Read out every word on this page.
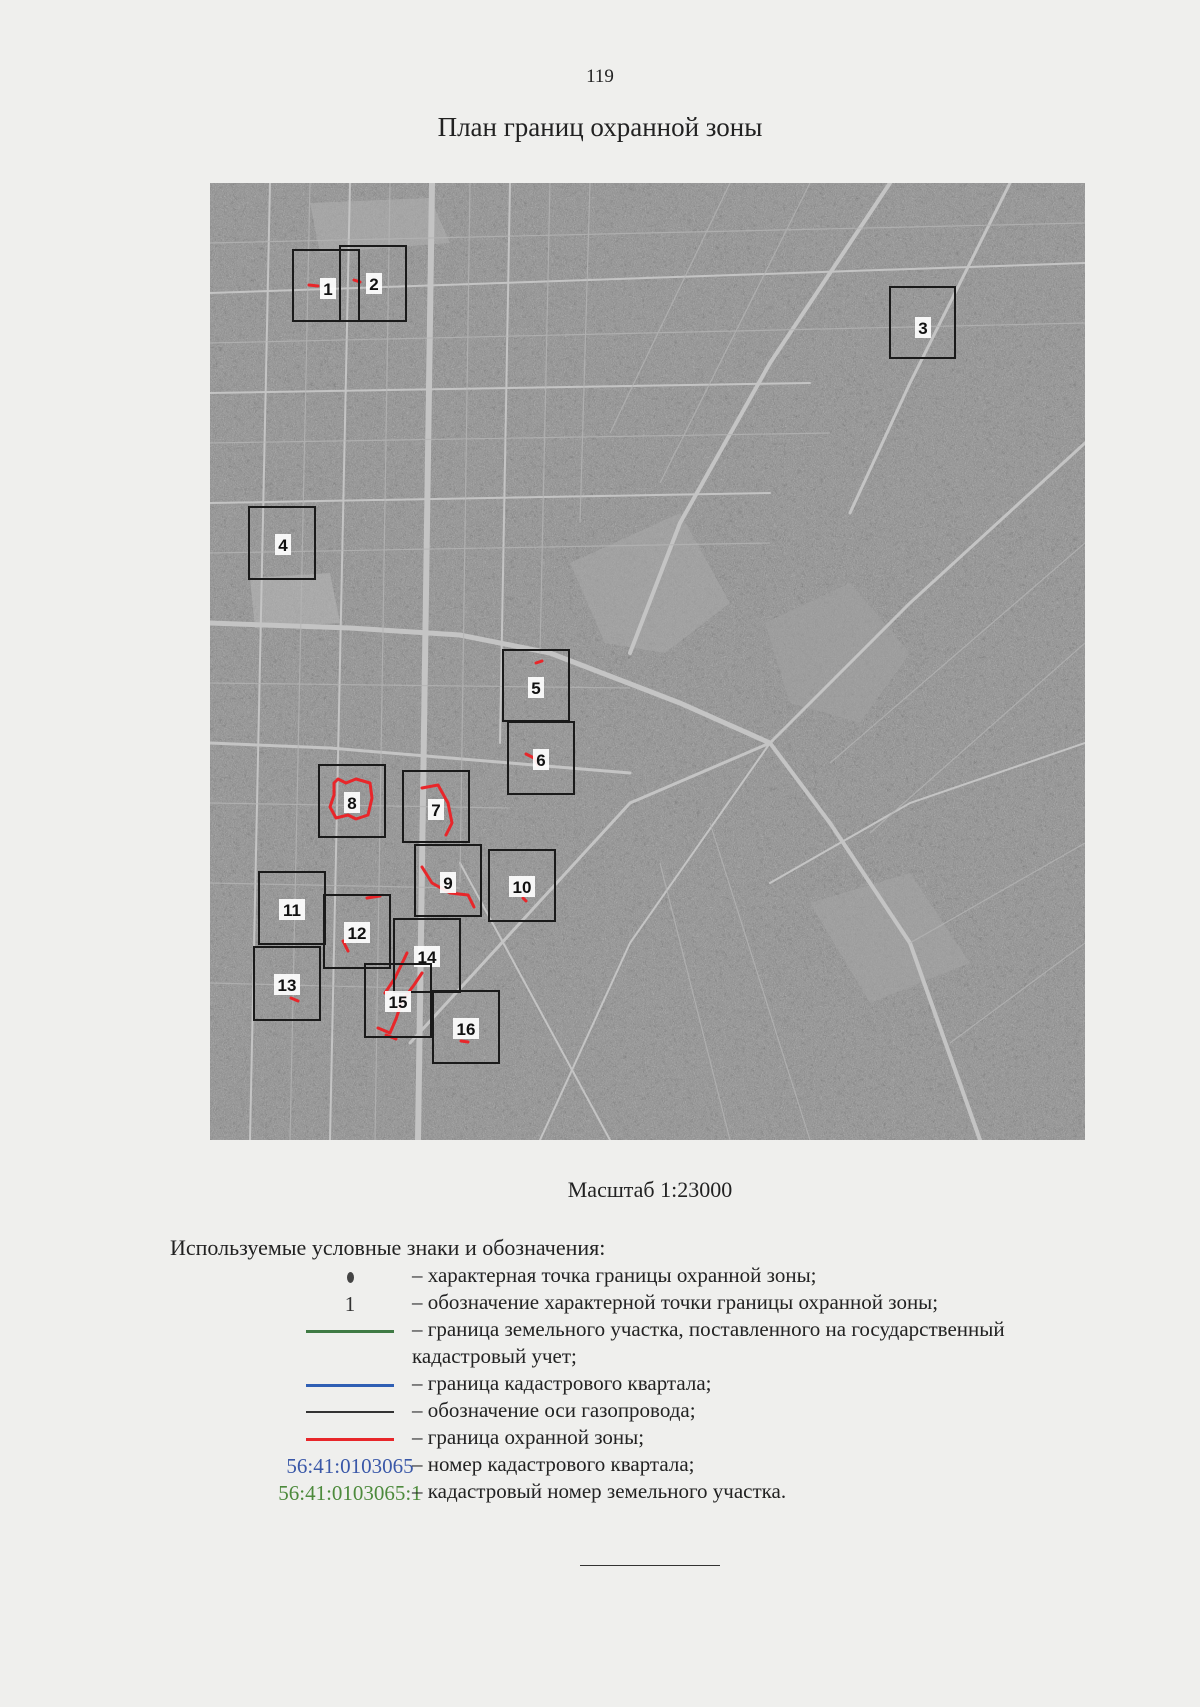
119
План границ охранной зоны
1 2
3
4
5
6
7
8
9	10
11
12
13
14
15
16
Масштаб 1:23000
Используемые условные знаки и обозначения:
– характерная точка границы охранной зоны;
1	– обозначение характерной точки границы охранной зоны;
– граница земельного участка, поставленного на государственный
кадастровый учет;
– граница кадастрового квартала;
– обозначение оси газопровода;
– граница охранной зоны;
56:41:0103065
– номер кадастрового квартала;
56:41:0103065:1
– кадастровый номер земельного участка.
